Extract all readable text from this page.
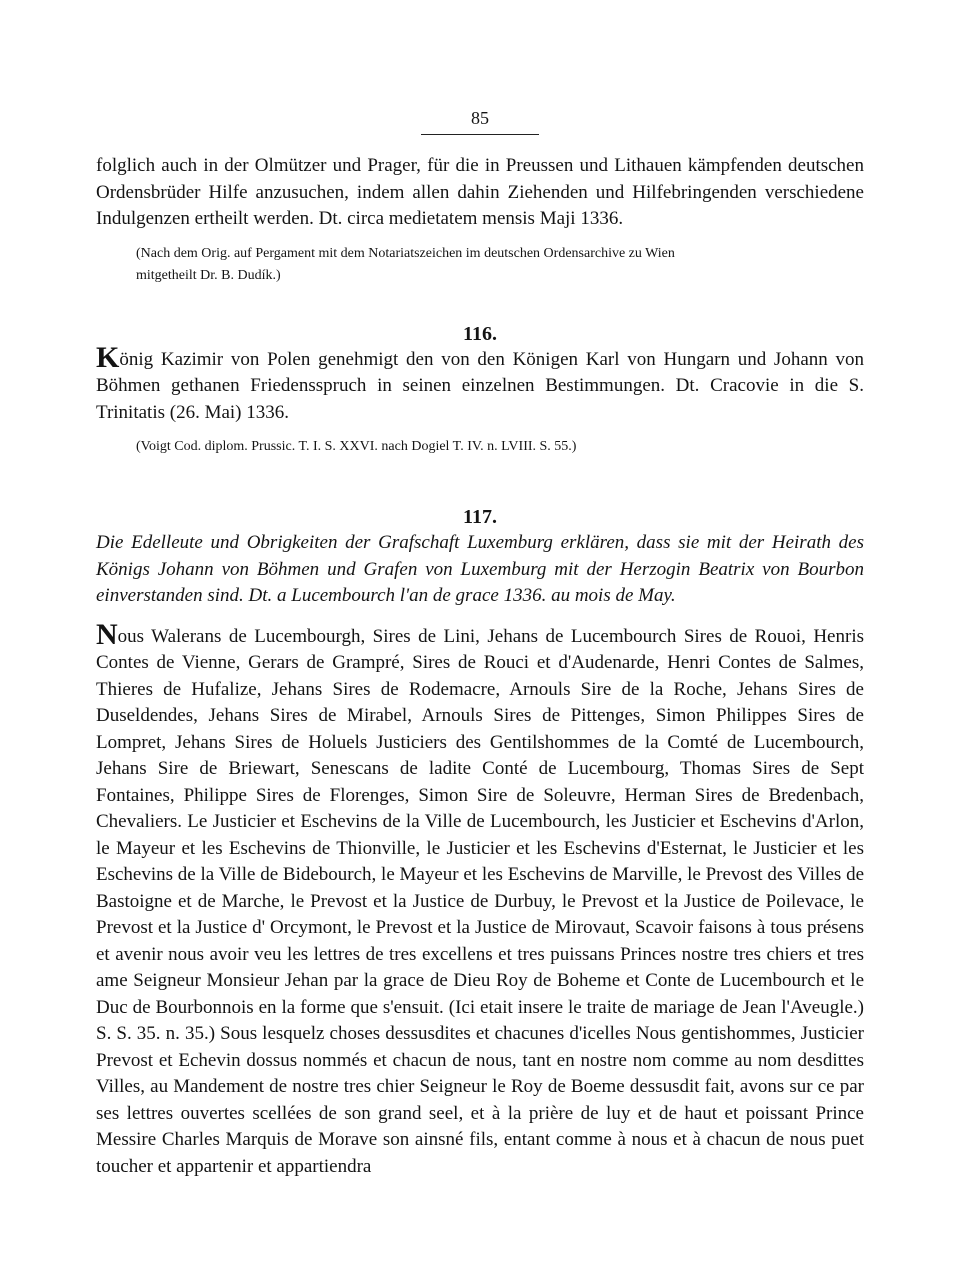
85

folglich auch in der Olmützer und Prager, für die in Preussen und Lithauen kämpfenden deutschen Ordensbrüder Hilfe anzusuchen, indem allen dahin Ziehenden und Hilfebringenden verschiedene Indulgenzen ertheilt werden. Dt. circa medietatem mensis Maji 1336.

(Nach dem Orig. auf Pergament mit dem Notariatszeichen im deutschen Ordensarchive zu Wien
mitgetheilt Dr. B. Dudík.)

116.

König Kazimir von Polen genehmigt den von den Königen Karl von Hungarn und Johann von Böhmen gethanen Friedensspruch in seinen einzelnen Bestimmungen. Dt. Cracovie in die S. Trinitatis (26. Mai) 1336.

(Voigt Cod. diplom. Prussic. T. I. S. XXVI. nach Dogiel T. IV. n. LVIII. S. 55.)

117.

Die Edelleute und Obrigkeiten der Grafschaft Luxemburg erklären, dass sie mit der Heirath des Königs Johann von Böhmen und Grafen von Luxemburg mit der Herzogin Beatrix von Bourbon einverstanden sind. Dt. a Lucembourch l'an de grace 1336. au mois de May.

Nous Walerans de Lucembourgh, Sires de Lini, Jehans de Lucembourch Sires de Rouoi, Henris Contes de Vienne, Gerars de Grampré, Sires de Rouci et d'Audenarde, Henri Contes de Salmes, Thieres de Hufalize, Jehans Sires de Rodemacre, Arnouls Sire de la Roche, Jehans Sires de Duseldendes, Jehans Sires de Mirabel, Arnouls Sires de Pittenges, Simon Philippes Sires de Lompret, Jehans Sires de Holuels Justiciers des Gentilshommes de la Comté de Lucembourch, Jehans Sire de Briewart, Senescans de ladite Conté de Lucembourg, Thomas Sires de Sept Fontaines, Philippe Sires de Florenges, Simon Sire de Soleuvre, Herman Sires de Bredenbach, Chevaliers. Le Justicier et Eschevins de la Ville de Lucembourch, les Justicier et Eschevins d'Arlon, le Mayeur et les Eschevins de Thionville, le Justicier et les Eschevins d'Esternat, le Justicier et les Eschevins de la Ville de Bidebourch, le Mayeur et les Eschevins de Marville, le Prevost des Villes de Bastoigne et de Marche, le Prevost et la Justice de Durbuy, le Prevost et la Justice de Poilevace, le Prevost et la Justice d' Orcymont, le Prevost et la Justice de Mirovaut, Scavoir faisons à tous présens et avenir nous avoir veu les lettres de tres excellens et tres puissans Princes nostre tres chiers et tres ame Seigneur Monsieur Jehan par la grace de Dieu Roy de Boheme et Conte de Lucembourch et le Duc de Bourbonnois en la forme que s'ensuit. (Ici etait insere le traite de mariage de Jean l'Aveugle.) S. S. 35. n. 35.) Sous lesquelz choses dessusdites et chacunes d'icelles Nous gentishommes, Justicier Prevost et Echevin dossus nommés et chacun de nous, tant en nostre nom comme au nom desdittes Villes, au Mandement de nostre tres chier Seigneur le Roy de Boeme dessusdit fait, avons sur ce par ses lettres ouvertes scellées de son grand seel, et à la prière de luy et de haut et poissant Prince Messire Charles Marquis de Morave son ainsné fils, entant comme à nous et à chacun de nous puet toucher et appartenir et appartiendra
